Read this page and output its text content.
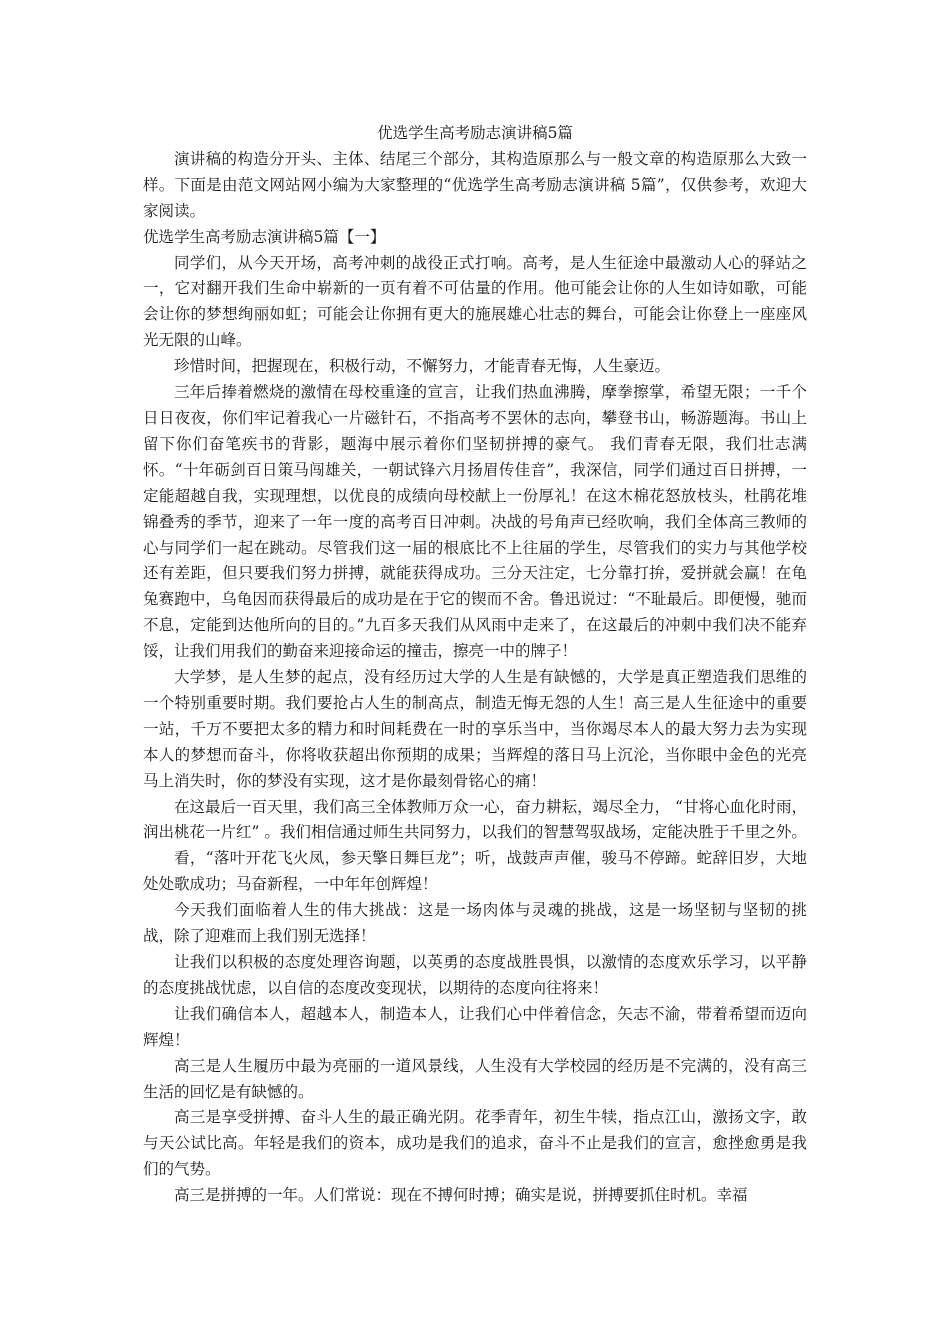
优选学生高考励志演讲稿5篇

演讲稿的构造分开头、主体、结尾三个部分，其构造原那么与一般文章的构造原那么大致一样。下面是由范文网站网小编为大家整理的“优选学生高考励志演讲稿 5篇”，仅供参考，欢迎大家阅读。

优选学生高考励志演讲稿5篇【一】

同学们，从今天开场，高考冲刺的战役正式打响。高考，是人生征途中最激动人心的驿站之一，它对翻开我们生命中崭新的一页有着不可估量的作用。他可能会让你的人生如诗如歌，可能会让你的梦想绚丽如虹；可能会让你拥有更大的施展雄心壮志的舞台，可能会让你登上一座座风光无限的山峰。

珍惜时间，把握现在，积极行动，不懈努力，才能青春无悔，人生豪迈。

三年后捧着燃烧的激情在母校重逢的宣言，让我们热血沸腾，摩拳擦掌，希望无限；一千个日日夜夜，你们牢记着我心一片磁针石，不指高考不罢休的志向，攀登书山，畅游题海。书山上留下你们奋笔疾书的背影，题海中展示着你们坚韧拼搏的豪气。 我们青春无限，我们壮志满怀。“十年砺剑百日策马闯雄关，一朝试锋六月扬眉传佳音”，我深信，同学们通过百日拼搏，一定能超越自我，实现理想，以优良的成绩向母校献上一份厚礼！在这木棉花怒放枝头，杜鹃花堆锦叠秀的季节，迎来了一年一度的高考百日冲刺。决战的号角声已经吹响，我们全体高三教师的心与同学们一起在跳动。尽管我们这一届的根底比不上往届的学生，尽管我们的实力与其他学校还有差距，但只要我们努力拼搏，就能获得成功。三分天注定，七分靠打拚，爱拼就会赢！在龟兔赛跑中，乌龟因而获得最后的成功是在于它的锲而不舍。鲁迅说过：“不耻最后。即便慢，驰而不息，定能到达他所向的目的。”九百多天我们从风雨中走来了，在这最后的冲刺中我们决不能弃馁，让我们用我们的勤奋来迎接命运的撞击，擦亮一中的牌子！

大学梦，是人生梦的起点，没有经历过大学的人生是有缺憾的，大学是真正塑造我们思维的一个特别重要时期。我们要抢占人生的制高点，制造无悔无怨的人生！高三是人生征途中的重要一站，千万不要把太多的精力和时间耗费在一时的享乐当中，当你竭尽本人的最大努力去为实现本人的梦想而奋斗，你将收获超出你预期的成果；当辉煌的落日马上沉沦，当你眼中金色的光亮马上消失时，你的梦没有实现，这才是你最刻骨铭心的痛！

在这最后一百天里，我们高三全体教师万众一心，奋力耕耘，竭尽全力， “甘将心血化时雨，润出桃花一片红” 。我们相信通过师生共同努力，以我们的智慧驾驭战场，定能决胜于千里之外。

看，“落叶开花飞火凤，参天擎日舞巨龙”；听，战鼓声声催，骏马不停蹄。蛇辞旧岁，大地处处歌成功；马奋新程，一中年年创辉煌！

今天我们面临着人生的伟大挑战：这是一场肉体与灵魂的挑战，这是一场坚韧与坚韧的挑战，除了迎难而上我们别无选择！

让我们以积极的态度处理咨询题，以英勇的态度战胜畏惧，以激情的态度欢乐学习，以平静的态度挑战忧虑，以自信的态度改变现状，以期待的态度向往将来！

让我们确信本人，超越本人，制造本人，让我们心中伴着信念，矢志不渝，带着希望而迈向辉煌！

高三是人生履历中最为亮丽的一道风景线，人生没有大学校园的经历是不完满的，没有高三生活的回忆是有缺憾的。

高三是享受拼搏、奋斗人生的最正确光阴。花季青年，初生牛犊，指点江山，激扬文字，敢与天公试比高。年轻是我们的资本，成功是我们的追求，奋斗不止是我们的宣言，愈挫愈勇是我们的气势。

高三是拼搏的一年。人们常说：现在不搏何时搏；确实是说，拼搏要抓住时机。幸福
